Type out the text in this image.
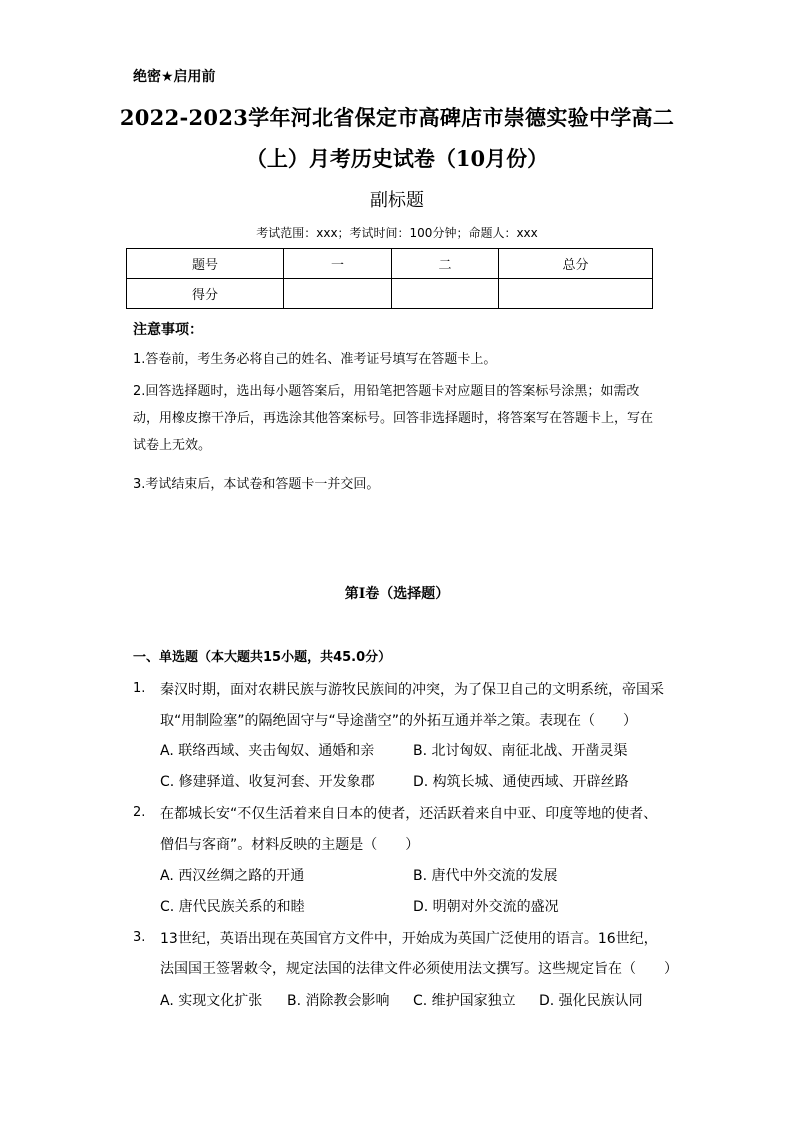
绝密★启用前
2022-2023学年河北省保定市高碑店市崇德实验中学高二
（上）月考历史试卷（10月份）
副标题
考试范围：xxx；考试时间：100分钟；命题人：xxx
题号	一	二	总分
得分			
注意事项：
1.答卷前，考生务必将自己的姓名、准考证号填写在答题卡上。
2.回答选择题时，选出每小题答案后，用铅笔把答题卡对应题目的答案标号涂黑；如需改动，用橡皮擦干净后，再选涂其他答案标号。回答非选择题时，将答案写在答题卡上，写在试卷上无效。
3.考试结束后，本试卷和答题卡一并交回。
第I卷（选择题）
一、单选题（本大题共15小题，共45.0分）
1. 秦汉时期，面对农耕民族与游牧民族间的冲突，为了保卫自己的文明系统，帝国采
取“用制险塞”的隔绝固守与“导途凿空”的外拓互通并举之策。表现在（　　）
A. 联络西域、夹击匈奴、通婚和亲	B. 北讨匈奴、南征北战、开凿灵渠
C. 修建驿道、收复河套、开发象郡	D. 构筑长城、通使西域、开辟丝路
2. 在都城长安“不仅生活着来自日本的使者，还活跃着来自中亚、印度等地的使者、
僧侣与客商”。材料反映的主题是（　　）
A. 西汉丝绸之路的开通	B. 唐代中外交流的发展
C. 唐代民族关系的和睦	D. 明朝对外交流的盛况
3. 13世纪，英语出现在英国官方文件中，开始成为英国广泛使用的语言。16世纪，
法国国王签署敕令，规定法国的法律文件必须使用法文撰写。这些规定旨在（　　）
A. 实现文化扩张 B. 消除教会影响 C. 维护国家独立 D. 强化民族认同
